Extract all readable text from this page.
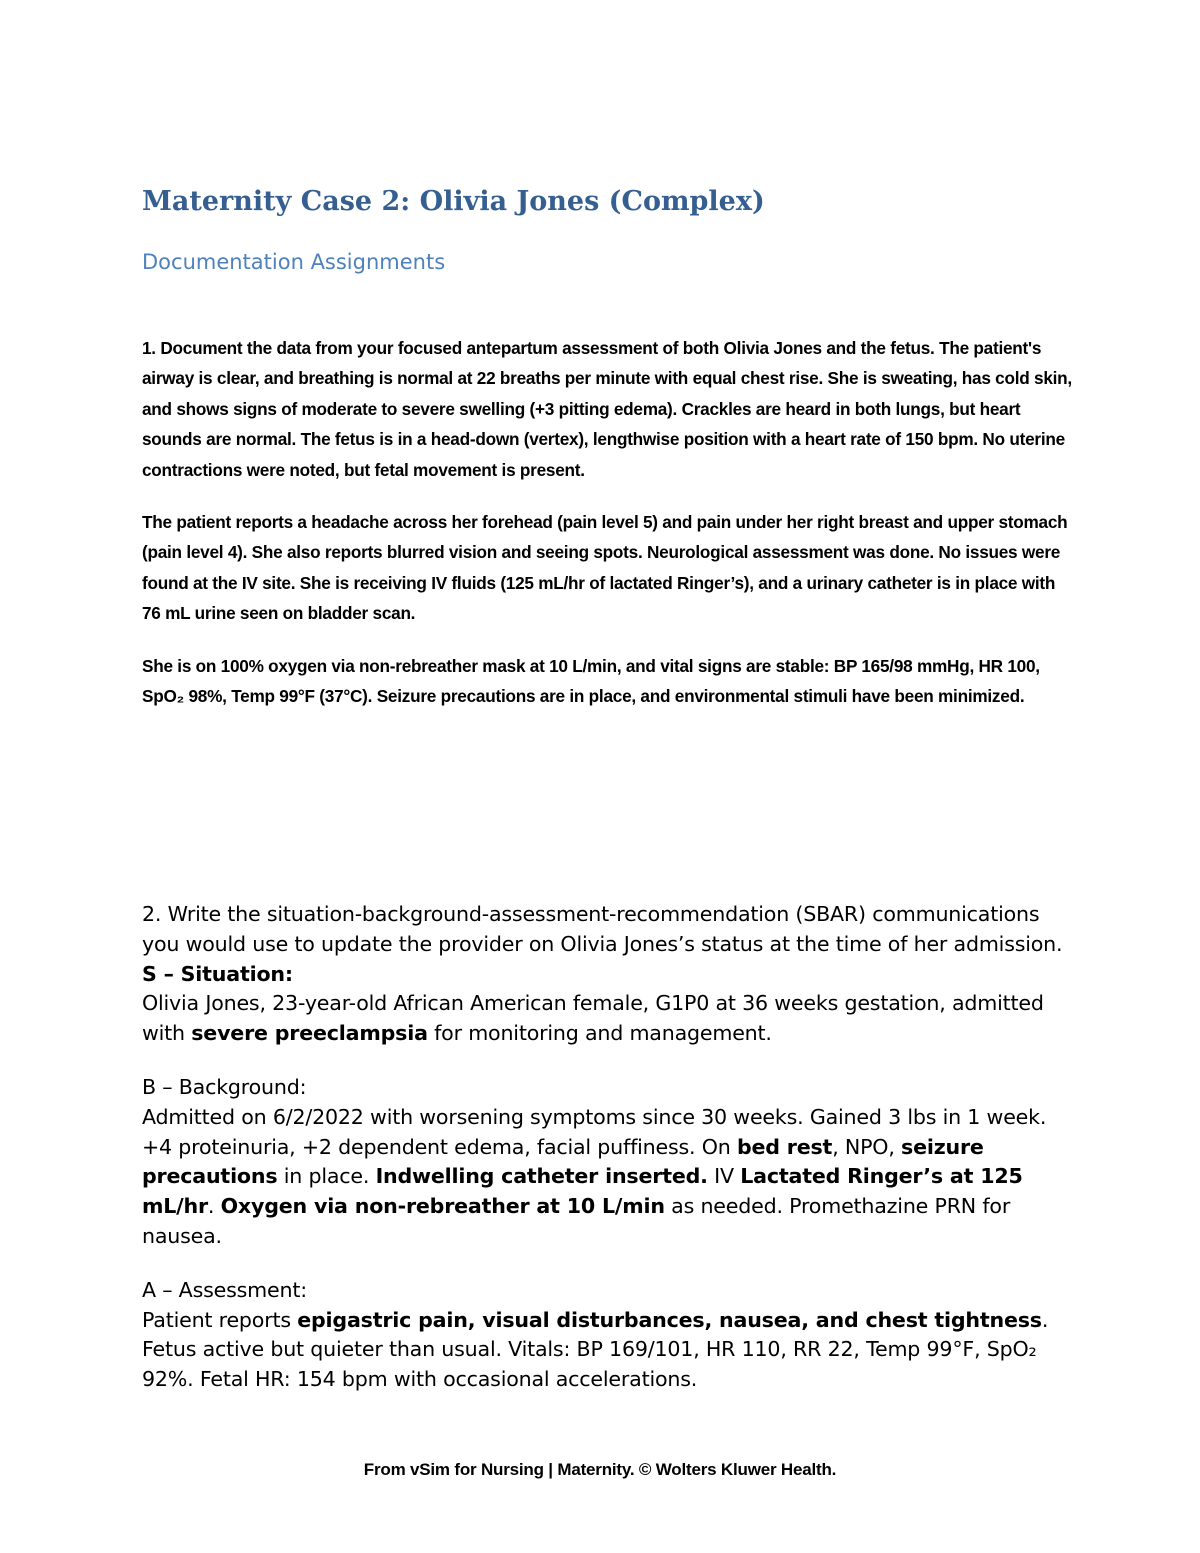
Maternity Case 2: Olivia Jones (Complex)
Documentation Assignments

1. Document the data from your focused antepartum assessment of both Olivia Jones and the fetus. The patient's airway is clear, and breathing is normal at 22 breaths per minute with equal chest rise. She is sweating, has cold skin, and shows signs of moderate to severe swelling (+3 pitting edema). Crackles are heard in both lungs, but heart sounds are normal. The fetus is in a head-down (vertex), lengthwise position with a heart rate of 150 bpm. No uterine contractions were noted, but fetal movement is present.

The patient reports a headache across her forehead (pain level 5) and pain under her right breast and upper stomach (pain level 4). She also reports blurred vision and seeing spots. Neurological assessment was done. No issues were found at the IV site. She is receiving IV fluids (125 mL/hr of lactated Ringer’s), and a urinary catheter is in place with 76 mL urine seen on bladder scan.

She is on 100% oxygen via non-rebreather mask at 10 L/min, and vital signs are stable: BP 165/98 mmHg, HR 100, SpO₂ 98%, Temp 99°F (37°C). Seizure precautions are in place, and environmental stimuli have been minimized.

2. Write the situation-background-assessment-recommendation (SBAR) communications you would use to update the provider on Olivia Jones’s status at the time of her admission. S – Situation:
Olivia Jones, 23-year-old African American female, G1P0 at 36 weeks gestation, admitted with severe preeclampsia for monitoring and management.

B – Background:
Admitted on 6/2/2022 with worsening symptoms since 30 weeks. Gained 3 lbs in 1 week. +4 proteinuria, +2 dependent edema, facial puffiness. On bed rest, NPO, seizure precautions in place. Indwelling catheter inserted. IV Lactated Ringer’s at 125 mL/hr. Oxygen via non-rebreather at 10 L/min as needed. Promethazine PRN for nausea.

A – Assessment:
Patient reports epigastric pain, visual disturbances, nausea, and chest tightness. Fetus active but quieter than usual. Vitals: BP 169/101, HR 110, RR 22, Temp 99°F, SpO₂ 92%. Fetal HR: 154 bpm with occasional accelerations.

From vSim for Nursing | Maternity. © Wolters Kluwer Health.
